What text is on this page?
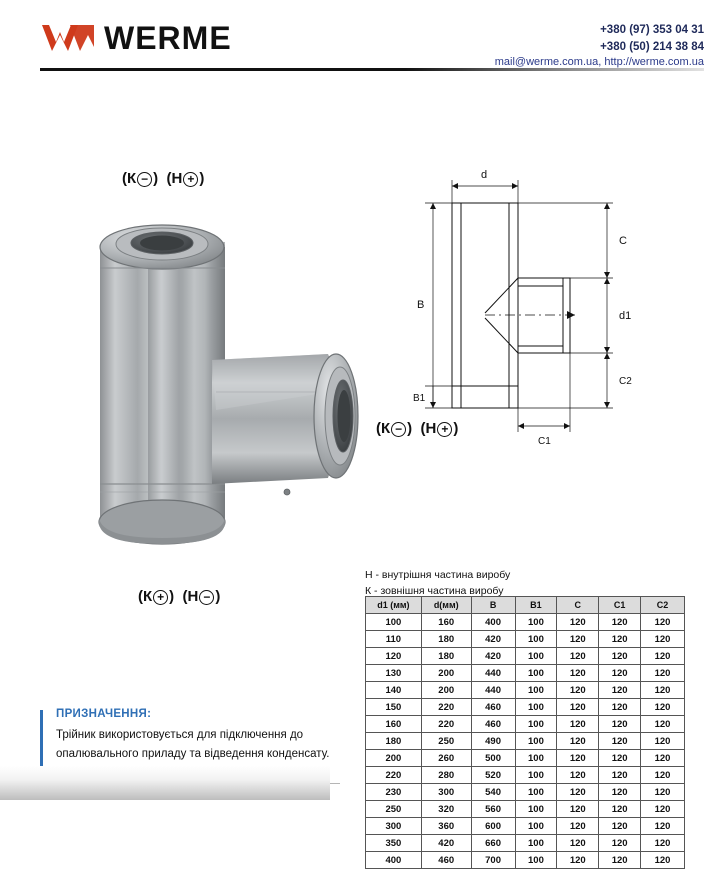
WERME	+380 (97) 353 04 31
+380 (50) 214 38 84
mail@werme.com.ua, http://werme.com.ua
(К − ) (Н + )
(К + ) (Н − )
(К − ) (Н + )
d
B
B1
C
d1
C2
C1
Н - внутрішня частина виробу
К - зовнішня частина виробу
d1 (мм)	d(мм)	B	B1	C	C1	C2
100	160	400	100	120	120	120
110	180	420	100	120	120	120
120	180	420	100	120	120	120
130	200	440	100	120	120	120
140	200	440	100	120	120	120
150	220	460	100	120	120	120
160	220	460	100	120	120	120
180	250	490	100	120	120	120
200	260	500	100	120	120	120
220	280	520	100	120	120	120
230	300	540	100	120	120	120
250	320	560	100	120	120	120
300	360	600	100	120	120	120
350	420	660	100	120	120	120
400	460	700	100	120	120	120
ПРИЗНАЧЕННЯ:
Трійник використовується для підключення до опалювального приладу та відведення конденсату.
